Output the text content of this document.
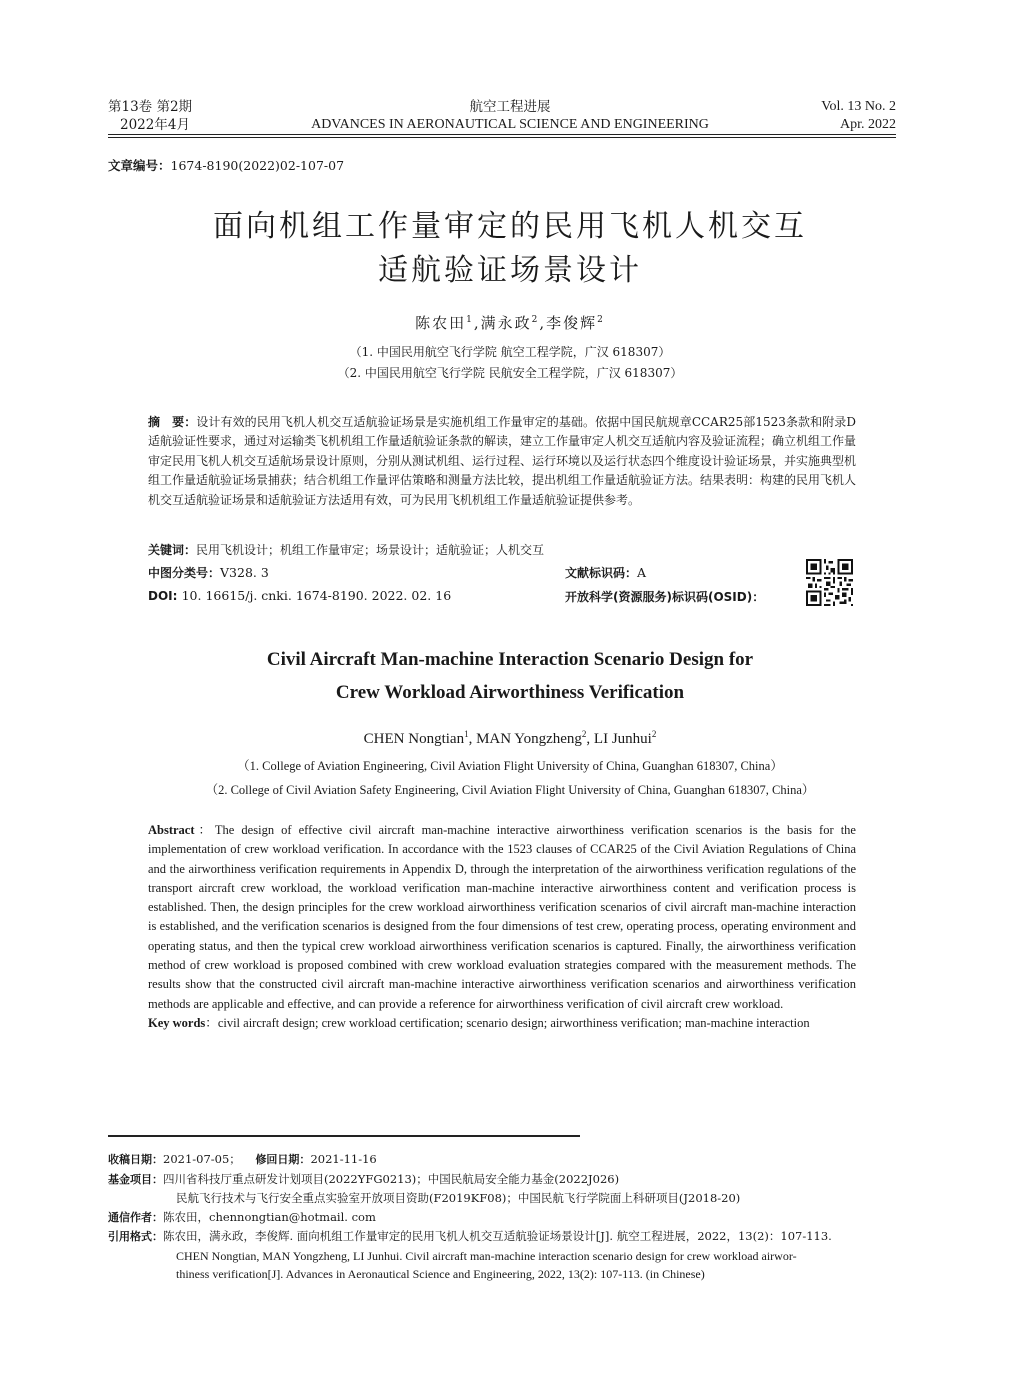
第13卷 第2期
2022年4月
航空工程进展
ADVANCES IN AERONAUTICAL SCIENCE AND ENGINEERING
Vol. 13 No. 2
Apr. 2022
文章编号：1674-8190(2022)02-107-07
面向机组工作量审定的民用飞机人机交互
适航验证场景设计
陈农田$^1$,满永政$^2$,李俊辉$^2$
（1. 中国民用航空飞行学院 航空工程学院，广汉 618307）
（2. 中国民用航空飞行学院 民航安全工程学院，广汉 618307）
摘　要：设计有效的民用飞机人机交互适航验证场景是实施机组工作量审定的基础。依据中国民航规章CCAR25部1523条款和附录D适航验证性要求，通过对运输类飞机机组工作量适航验证条款的解读，建立工作量审定人机交互适航内容及验证流程；确立机组工作量审定民用飞机人机交互适航场景设计原则，分别从测试机组、运行过程、运行环境以及运行状态四个维度设计验证场景，并实施典型机组工作量适航验证场景捕获；结合机组工作量评估策略和测量方法比较，提出机组工作量适航验证方法。结果表明：构建的民用飞机人机交互适航验证场景和适航验证方法适用有效，可为民用飞机机组工作量适航验证提供参考。
关键词：民用飞机设计；机组工作量审定；场景设计；适航验证；人机交互
中图分类号：V328. 3	文献标识码：A
DOI: 10. 16615/j. cnki. 1674-8190. 2022. 02. 16	开放科学(资源服务)标识码(OSID)：
Civil Aircraft Man-machine Interaction Scenario Design for
Crew Workload Airworthiness Verification
CHEN Nongtian$^1$, MAN Yongzheng$^2$, LI Junhui$^2$
（1. College of Aviation Engineering, Civil Aviation Flight University of China, Guanghan 618307, China）
（2. College of Civil Aviation Safety Engineering, Civil Aviation Flight University of China, Guanghan 618307, China）
Abstract：The design of effective civil aircraft man-machine interactive airworthiness verification scenarios is the basis for the implementation of crew workload verification. In accordance with the 1523 clauses of CCAR25 of the Civil Aviation Regulations of China and the airworthiness verification requirements in Appendix D, through the interpretation of the airworthiness verification regulations of the transport aircraft crew workload, the workload verification man-machine interactive airworthiness content and verification process is established. Then, the design principles for the crew workload airworthiness verification scenarios of civil aircraft man-machine interaction is established, and the verification scenarios is designed from the four dimensions of test crew, operating process, operating environment and operating status, and then the typical crew workload airworthiness verification scenarios is captured. Finally, the airworthiness verification method of crew workload is proposed combined with crew workload evaluation strategies compared with the measurement methods. The results show that the constructed civil aircraft man-machine interactive airworthiness verification scenarios and airworthiness verification methods are applicable and effective, and can provide a reference for airworthiness verification of civil aircraft crew workload.
Key words：civil aircraft design; crew workload certification; scenario design; airworthiness verification; man-machine interaction
收稿日期：2021-07-05； 修回日期：2021-11-16
基金项目：四川省科技厅重点研发计划项目(2022YFG0213)；中国民航局安全能力基金(2022J026)
民航飞行技术与飞行安全重点实验室开放项目资助(F2019KF08)；中国民航飞行学院面上科研项目(J2018-20)
通信作者：陈农田，chennongtian@hotmail. com
引用格式：陈农田，满永政，李俊辉. 面向机组工作量审定的民用飞机人机交互适航验证场景设计[J]. 航空工程进展，2022，13(2)：107-113.
CHEN Nongtian, MAN Yongzheng, LI Junhui. Civil aircraft man-machine interaction scenario design for crew workload airwor-
thiness verification[J]. Advances in Aeronautical Science and Engineering, 2022, 13(2): 107-113. (in Chinese)
